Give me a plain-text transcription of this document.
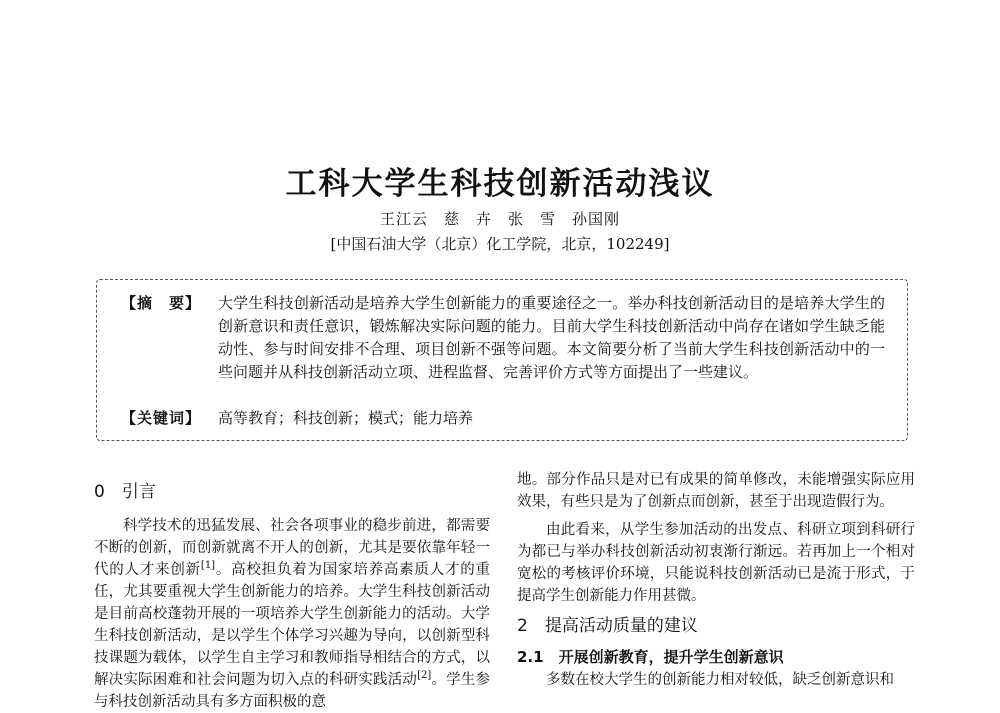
工科大学生科技创新活动浅议
王江云　慈　卉　张　雪　孙国刚
[中国石油大学（北京）化工学院，北京，102249]
【摘　要】 大学生科技创新活动是培养大学生创新能力的重要途径之一。举办科技创新活动目的是培养大学生的创新意识和责任意识，锻炼解决实际问题的能力。目前大学生科技创新活动中尚存在诸如学生缺乏能动性、参与时间安排不合理、项目创新不强等问题。本文简要分析了当前大学生科技创新活动中的一些问题并从科技创新活动立项、进程监督、完善评价方式等方面提出了一些建议。
【关键词】 高等教育；科技创新；模式；能力培养
0　引言

科学技术的迅猛发展、社会各项事业的稳步前进，都需要不断的创新，而创新就离不开人的创新，尤其是要依靠年轻一代的人才来创新[1]。高校担负着为国家培养高素质人才的重任，尤其要重视大学生创新能力的培养。大学生科技创新活动是目前高校蓬勃开展的一项培养大学生创新能力的活动。大学生科技创新活动，是以学生个体学习兴趣为导向，以创新型科技课题为载体，以学生自主学习和教师指导相结合的方式，以解决实际困难和社会问题为切入点的科研实践活动[2]。学生参与科技创新活动具有多方面积极的意

地。部分作品只是对已有成果的简单修改，未能增强实际应用效果，有些只是为了创新点而创新，甚至于出现造假行为。

由此看来，从学生参加活动的出发点、科研立项到科研行为都已与举办科技创新活动初衷渐行渐远。若再加上一个相对宽松的考核评价环境，只能说科技创新活动已是流于形式，于提高学生创新能力作用甚微。

2　提高活动质量的建议
2.1　开展创新教育，提升学生创新意识

多数在校大学生的创新能力相对较低，缺乏创新意识和
